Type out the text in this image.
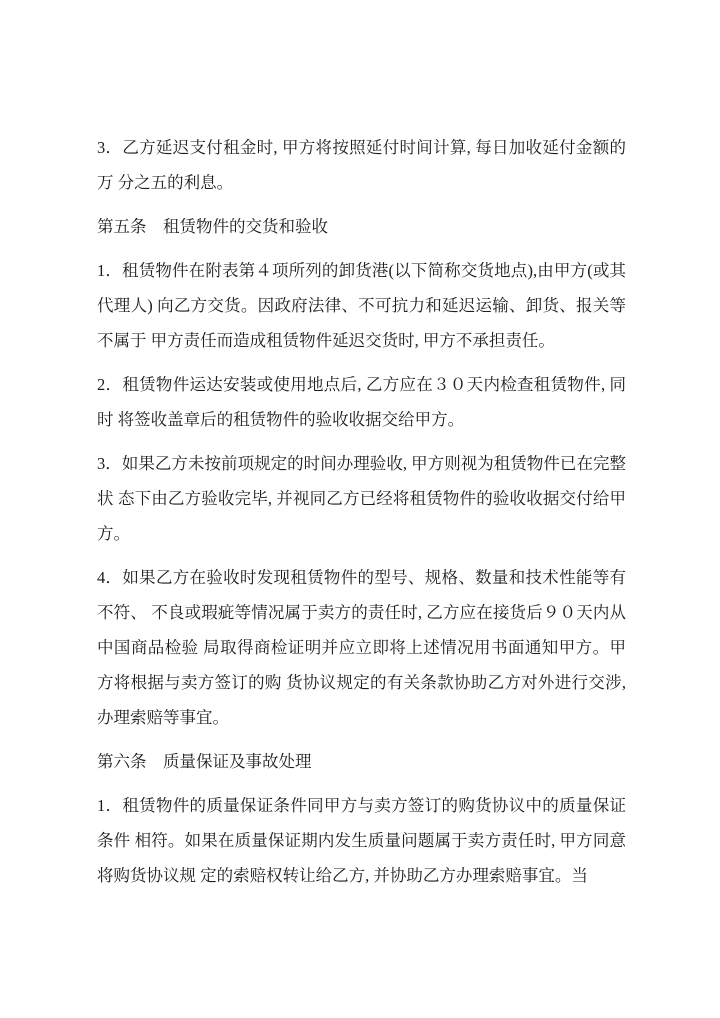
3．乙方延迟支付租金时, 甲方将按照延付时间计算, 每日加收延付金额的万 分之五的利息。

第五条　租赁物件的交货和验收

1．租赁物件在附表第４项所列的卸货港(以下简称交货地点),由甲方(或其代理人) 向乙方交货。因政府法律、不可抗力和延迟运输、卸货、报关等不属于 甲方责任而造成租赁物件延迟交货时, 甲方不承担责任。

2．租赁物件运达安装或使用地点后, 乙方应在３０天内检查租赁物件, 同时 将签收盖章后的租赁物件的验收收据交给甲方。

3．如果乙方未按前项规定的时间办理验收, 甲方则视为租赁物件已在完整状 态下由乙方验收完毕, 并视同乙方已经将租赁物件的验收收据交付给甲方。

4．如果乙方在验收时发现租赁物件的型号、规格、数量和技术性能等有不符、 不良或瑕疵等情况属于卖方的责任时, 乙方应在接货后９０天内从中国商品检验 局取得商检证明并应立即将上述情况用书面通知甲方。甲方将根据与卖方签订的购 货协议规定的有关条款协助乙方对外进行交涉, 办理索赔等事宜。

第六条　质量保证及事故处理

1．租赁物件的质量保证条件同甲方与卖方签订的购货协议中的质量保证条件 相符。如果在质量保证期内发生质量问题属于卖方责任时, 甲方同意将购货协议规 定的索赔权转让给乙方, 并协助乙方办理索赔事宜。当
